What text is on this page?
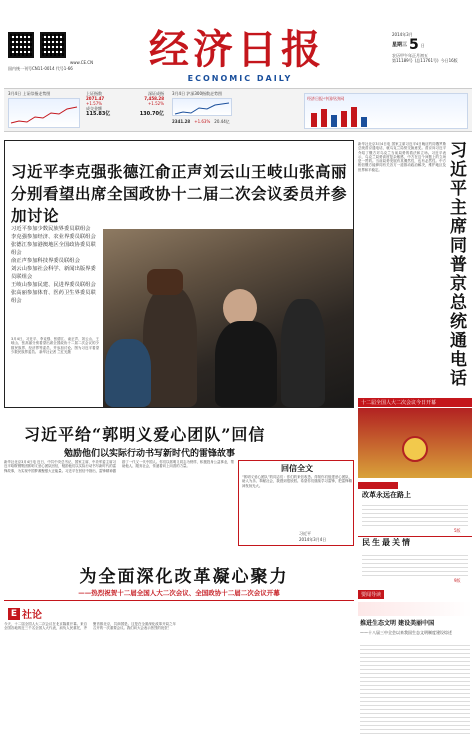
www.CE.CN
国内统一刊号CN11-0014 代号1-66	经济日报
ECONOMIC DAILY
2014年3月
星期三 5 日
农历甲午年正月初五
第11189号 (总11761号) 今日16版
3月4日 上证综指走势图	上证指数	深证成指
2071.47	7,458.28
+1.57%	+1.52%
成交金额
115.83亿	130.70亿
3月4日 沪深300指数走势图
2341.28 +1.63% 20.44亿
经济日报·中国经济网
习近平李克强张德江俞正声刘云山王岐山张高丽
分别看望出席全国政协十二届二次会议委员并参加讨论
习近平参加少数民族界委员联组会
李克强参加经济、农业界委员联组会
张德江参加港澳地区全国政协委员联组会
俞正声参加科技界委员联组会
刘云山参加社会科学、新闻出版界委员联组会
王岐山参加民建、民进界委员联组会
张高丽参加体育、医药卫生界委员联组会
3月4日，习近平、李克强、张德江、俞正声、刘云山、王岐山、张高丽分别看望出席全国政协十二届二次会议的少数民族界、经济界等委员，并参加讨论。图为习近平看望少数民族界委员。 新华社记者 兰红光摄
新华社北京3月4日电 国家主席习近平4日晚应约同俄罗斯总统普京通电话，就乌克兰局势交换意见。普京向习近平介绍了俄方对乌克兰当前局势的看法和立场。习近平表示，乌克兰局势高度复杂敏感，中方在这个问题上的立场是一贯的。当前局势发展有其偶然性，也有必然性。中方相信俄方能够同有关各方一道推动政治解决，维护地区及世界和平稳定。
习近平主席同普京总统通电话
十二届全国人大二次会议今日开幕
习近平给“郭明义爱心团队”回信
勉励他们以实际行动书写新时代的雷锋故事
新华社北京3月4日电 近日，中共中央总书记、国家主席、中央军委主席习近平给鞍钢集团郭明义爱心团队回信，勉励他们以实际行动书写新时代的雷锋故事，为实现中国梦凝聚强大正能量。习近平在回信中指出，雷锋精神激励了一代又一代中国人。你们以郭明义同志为榜样，积极投身公益事业，帮助他人、服务社会，传递着向上向善的力量。	回信全文
“郭明义爱心团队”的同志们：你们的来信收悉。得知你们组建爱心团队、助人为乐、奉献社会，我感到很欣慰。希望你们继续学习雷锋，把雷锋精神发扬光大。
习近平
2014年3月4日
改革永远在路上
5版
民生最关情
9版
要闻导读
推进生态文明 建设美丽中国
——十八届三中全会以来我国生态文明制度建设综述
为全面深化改革凝心聚力
——热烈祝贺十二届全国人大二次会议、全国政协十二届二次会议开幕
E 社论
今天，十二届全国人大二次会议在北京隆重开幕。来自全国各地的近三千名全国人大代表，肩负人民重托，齐聚首都北京，共商国是。这是在全面深化改革开局之年召开的一次重要会议。我们向大会表示热烈的祝贺！
